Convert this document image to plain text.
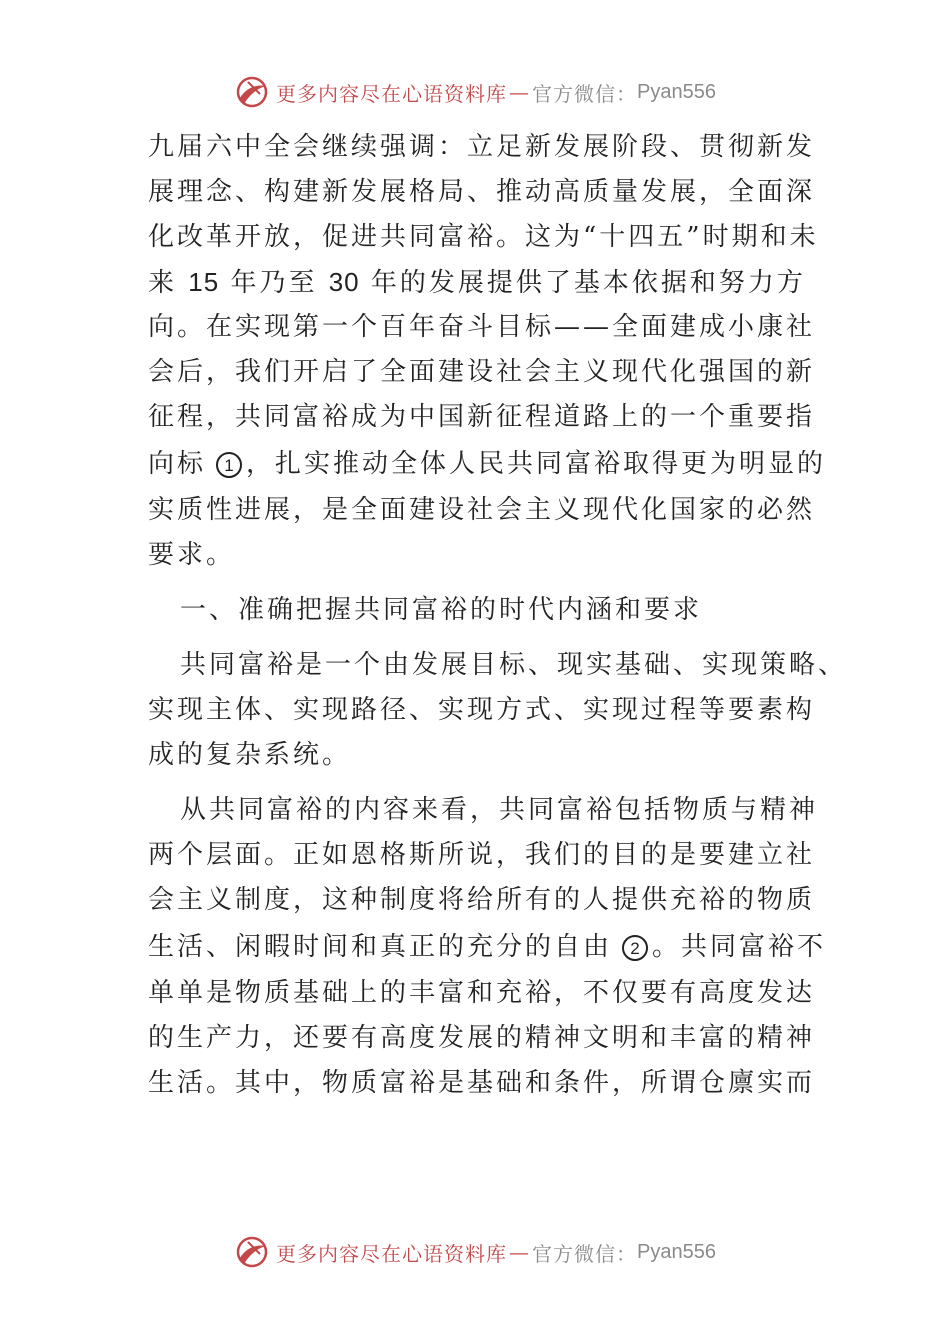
更多内容尽在心语资料库 — 官方微信： Pyan556
九届六中全会继续强调：立足新发展阶段、贯彻新发
展理念、构建新发展格局、推动高质量发展，全面深
化改革开放，促进共同富裕。这为“十四五”时期和未
来 15 年乃至 30 年的发展提供了基本依据和努力方
向。在实现第一个百年奋斗目标——全面建成小康社
会后，我们开启了全面建设社会主义现代化强国的新
征程，共同富裕成为中国新征程道路上的一个重要指
向标 1 ，扎实推动全体人民共同富裕取得更为明显的
实质性进展，是全面建设社会主义现代化国家的必然
要求。
一、准确把握共同富裕的时代内涵和要求
共同富裕是一个由发展目标、现实基础、实现策略、
实现主体、实现路径、实现方式、实现过程等要素构
成的复杂系统。
从共同富裕的内容来看，共同富裕包括物质与精神
两个层面。正如恩格斯所说，我们的目的是要建立社
会主义制度，这种制度将给所有的人提供充裕的物质
生活、闲暇时间和真正的充分的自由 2 。共同富裕不
单单是物质基础上的丰富和充裕，不仅要有高度发达
的生产力，还要有高度发展的精神文明和丰富的精神
生活。其中，物质富裕是基础和条件，所谓仓廪实而
更多内容尽在心语资料库 — 官方微信： Pyan556
